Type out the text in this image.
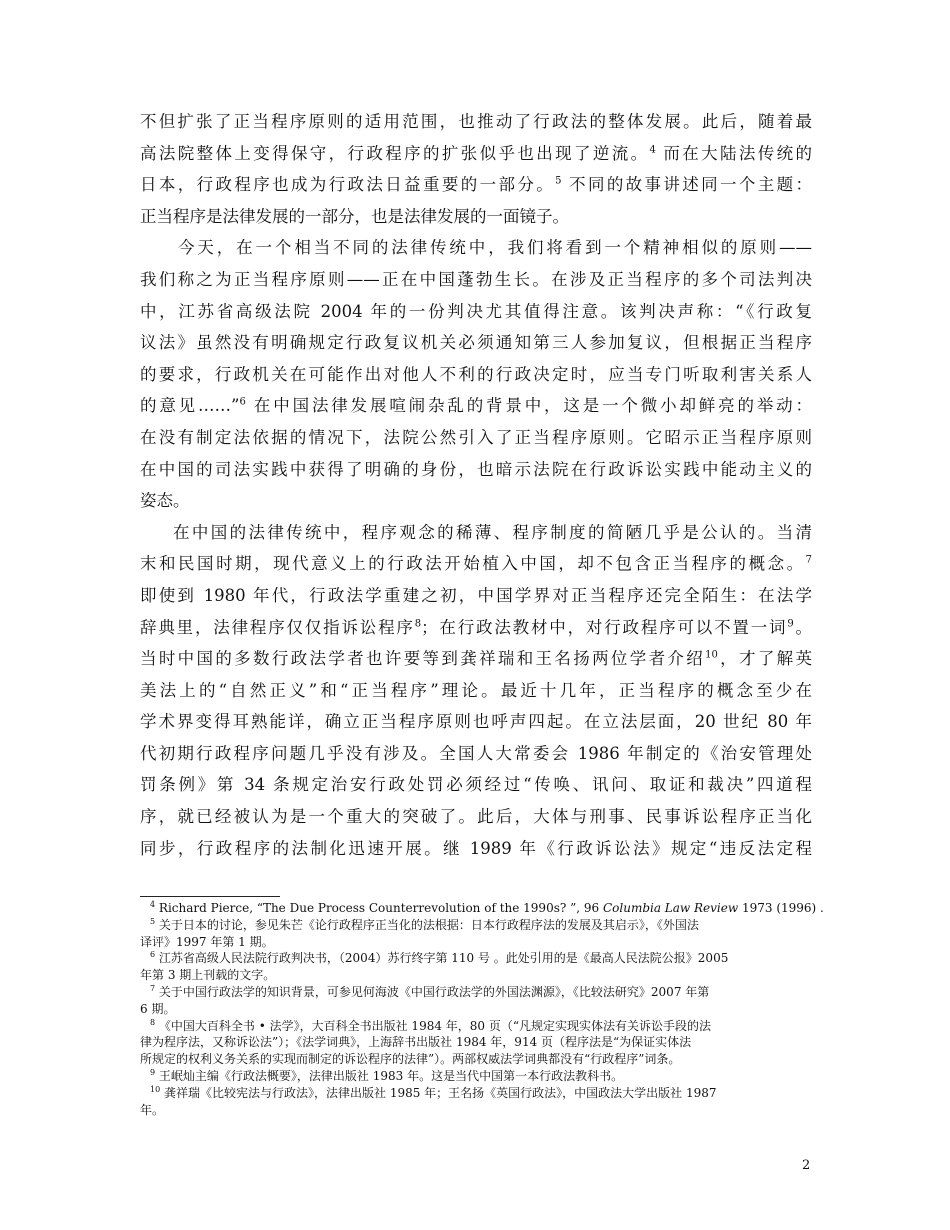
不但扩张了正当程序原则的适用范围，也推动了行政法的整体发展。此后，随着最
高法院整体上变得保守，行政程序的扩张似乎也出现了逆流。$^4$ 而在大陆法传统的
日本，行政程序也成为行政法日益重要的一部分。$^5$ 不同的故事讲述同一个主题：
正当程序是法律发展的一部分，也是法律发展的一面镜子。
今天，在一个相当不同的法律传统中，我们将看到一个精神相似的原则——
我们称之为正当程序原则——正在中国蓬勃生长。在涉及正当程序的多个司法判决
中，江苏省高级法院 2004 年的一份判决尤其值得注意。该判决声称：“《行政复
议法》虽然没有明确规定行政复议机关必须通知第三人参加复议，但根据正当程序
的要求，行政机关在可能作出对他人不利的行政决定时，应当专门听取利害关系人
的意见……”$^6$ 在中国法律发展喧闹杂乱的背景中，这是一个微小却鲜亮的举动：
在没有制定法依据的情况下，法院公然引入了正当程序原则。它昭示正当程序原则
在中国的司法实践中获得了明确的身份，也暗示法院在行政诉讼实践中能动主义的
姿态。
在中国的法律传统中，程序观念的稀薄、程序制度的简陋几乎是公认的。当清
末和民国时期，现代意义上的行政法开始植入中国，却不包含正当程序的概念。$^7$
即使到 1980 年代，行政法学重建之初，中国学界对正当程序还完全陌生：在法学
辞典里，法律程序仅仅指诉讼程序$^8$；在行政法教材中，对行政程序可以不置一词$^9$。
当时中国的多数行政法学者也许要等到龚祥瑞和王名扬两位学者介绍$^{10}$，才了解英
美法上的“自然正义”和“正当程序”理论。最近十几年，正当程序的概念至少在
学术界变得耳熟能详，确立正当程序原则也呼声四起。在立法层面，20 世纪 80 年
代初期行政程序问题几乎没有涉及。全国人大常委会 1986 年制定的《治安管理处
罚条例》第 34 条规定治安行政处罚必须经过“传唤、讯问、取证和裁决”四道程
序，就已经被认为是一个重大的突破了。此后，大体与刑事、民事诉讼程序正当化
同步，行政程序的法制化迅速开展。继 1989 年《行政诉讼法》规定“违反法定程
$^4$ Richard Pierce, “The Due Process Counterrevolution of the 1990s? ”, 96 Columbia Law Review 1973 (1996) .
$^5$ 关于日本的讨论，参见朱芒《论行政程序正当化的法根据：日本行政程序法的发展及其启示》，《外国法
译评》1997 年第 1 期。
$^6$ 江苏省高级人民法院行政判决书，（2004）苏行终字第 110 号 。此处引用的是《最高人民法院公报》2005
年第 3 期上刊载的文字。
$^7$ 关于中国行政法学的知识背景，可参见何海波《中国行政法学的外国法渊源》，《比较法研究》2007 年第
6 期。
$^8$ 《中国大百科全书 • 法学》，大百科全书出版社 1984 年，80 页（“凡规定实现实体法有关诉讼手段的法
律为程序法，又称诉讼法”）；《法学词典》，上海辞书出版社 1984 年，914 页（程序法是“为保证实体法
所规定的权利义务关系的实现而制定的诉讼程序的法律”）。两部权威法学词典都没有“行政程序”词条。
$^9$ 王岷灿主编《行政法概要》，法律出版社 1983 年。这是当代中国第一本行政法教科书。
$^{10}$ 龚祥瑞《比较宪法与行政法》，法律出版社 1985 年；王名扬《英国行政法》，中国政法大学出版社 1987
年。
2
